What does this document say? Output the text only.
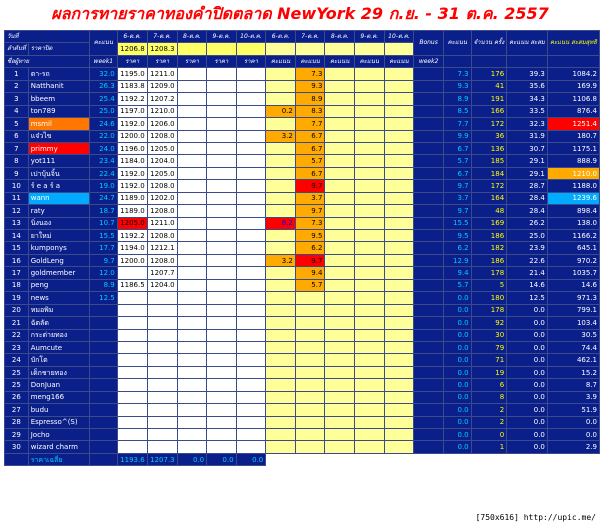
ผลการทายราคาทองคำปิดตลาด NewYork 29 ก.ย. - 31 ต.ค. 2557
วันที่		คะแนน	6-ต.ค.	7-ต.ค.	8-ต.ค.	9-ต.ค.	10-ต.ค.	6-ต.ค.	7-ต.ค.	8-ต.ค.	9-ต.ค.	10-ต.ค.	Bonus	คะแนน	จำนวน ครั้ง	คะแนน สะสม	คะแนน สะสมสุทธิ
ลำดับที่	ราคาปิด		1206.8	1208.3													
ชื่อผู้ทาย		week1	ราคา	ราคา	ราคา	ราคา	ราคา	คะแนน	คะแนน	คะแนน	คะแนน	คะแนน	week2				
1	ตา-รถ	32.0	1195.0	1211.0					7.3					7.3	176	39.3	1084.2
2	Natthanit	26.3	1183.8	1209.0					9.3					9.3	41	35.6	169.9
3	bbeem	25.4	1192.2	1207.2					8.9					8.9	191	34.3	1106.8
4	ton789	25.0	1197.0	1210.0				0.2	8.3					8.5	166	33.5	876.4
5	msmil	24.6	1192.0	1206.0					7.7					7.7	172	32.3	1251.4
6	แจ๋วไข	22.0	1200.0	1208.0				3.2	6.7					9.9	36	31.9	180.7
7	primmy	24.0	1196.0	1205.0					6.7					6.7	136	30.7	1175.1
8	yot111	23.4	1184.0	1204.0					5.7					5.7	185	29.1	888.9
9	เปาบุ้นจิ้น	22.4	1192.0	1205.0					6.7					6.7	184	29.1	1210.0
10	ร์ e a ร์ a	19.0	1192.0	1208.0					9.7					9.7	172	28.7	1188.0
11	wann	24.7	1189.0	1202.0					3.7					3.7	164	28.4	1239.6
12	raty	18.7	1189.0	1208.0					9.7					9.7	48	28.4	898.4
13	นิ่งนอง	10.7	1205.0	1211.0				8.2	7.3					15.5	169	26.2	138.0
14	ยาใหม่	15.5	1192.2	1208.0					9.5					9.5	186	25.0	1166.2
15	kumponys	17.7	1194.0	1212.1					6.2					6.2	182	23.9	645.1
16	GoldLeng	9.7	1200.0	1208.0				3.2	9.7					12.9	186	22.6	970.2
17	goldmember	12.0		1207.7					9.4					9.4	178	21.4	1035.7
18	peng	8.9	1186.5	1204.0					5.7					5.7	5	14.6	14.6
19	news	12.5												0.0	180	12.5	971.3
20	หมอพิม													0.0	178	0.0	799.1
21	ฉัตลัด													0.0	92	0.0	103.4
22	กระต่ายทอง													0.0	30	0.0	30.5
23	Aumcute													0.0	79	0.0	74.4
24	บักโต													0.0	71	0.0	462.1
25	เด็กชายทอง													0.0	19	0.0	15.2
25	DonJuan													0.0	6	0.0	8.7
26	meng166													0.0	8	0.0	3.9
27	budu													0.0	2	0.0	51.9
28	Espresso^(S)													0.0	2	0.0	0.0
29	Jocho													0.0	0	0.0	0.0
30	wizard charm													0.0	1	0.0	2.9
	ราคาเฉลี่ย		1193.6	1207.3	0.0	0.0	0.0										
[750x616] http://upic.me/
